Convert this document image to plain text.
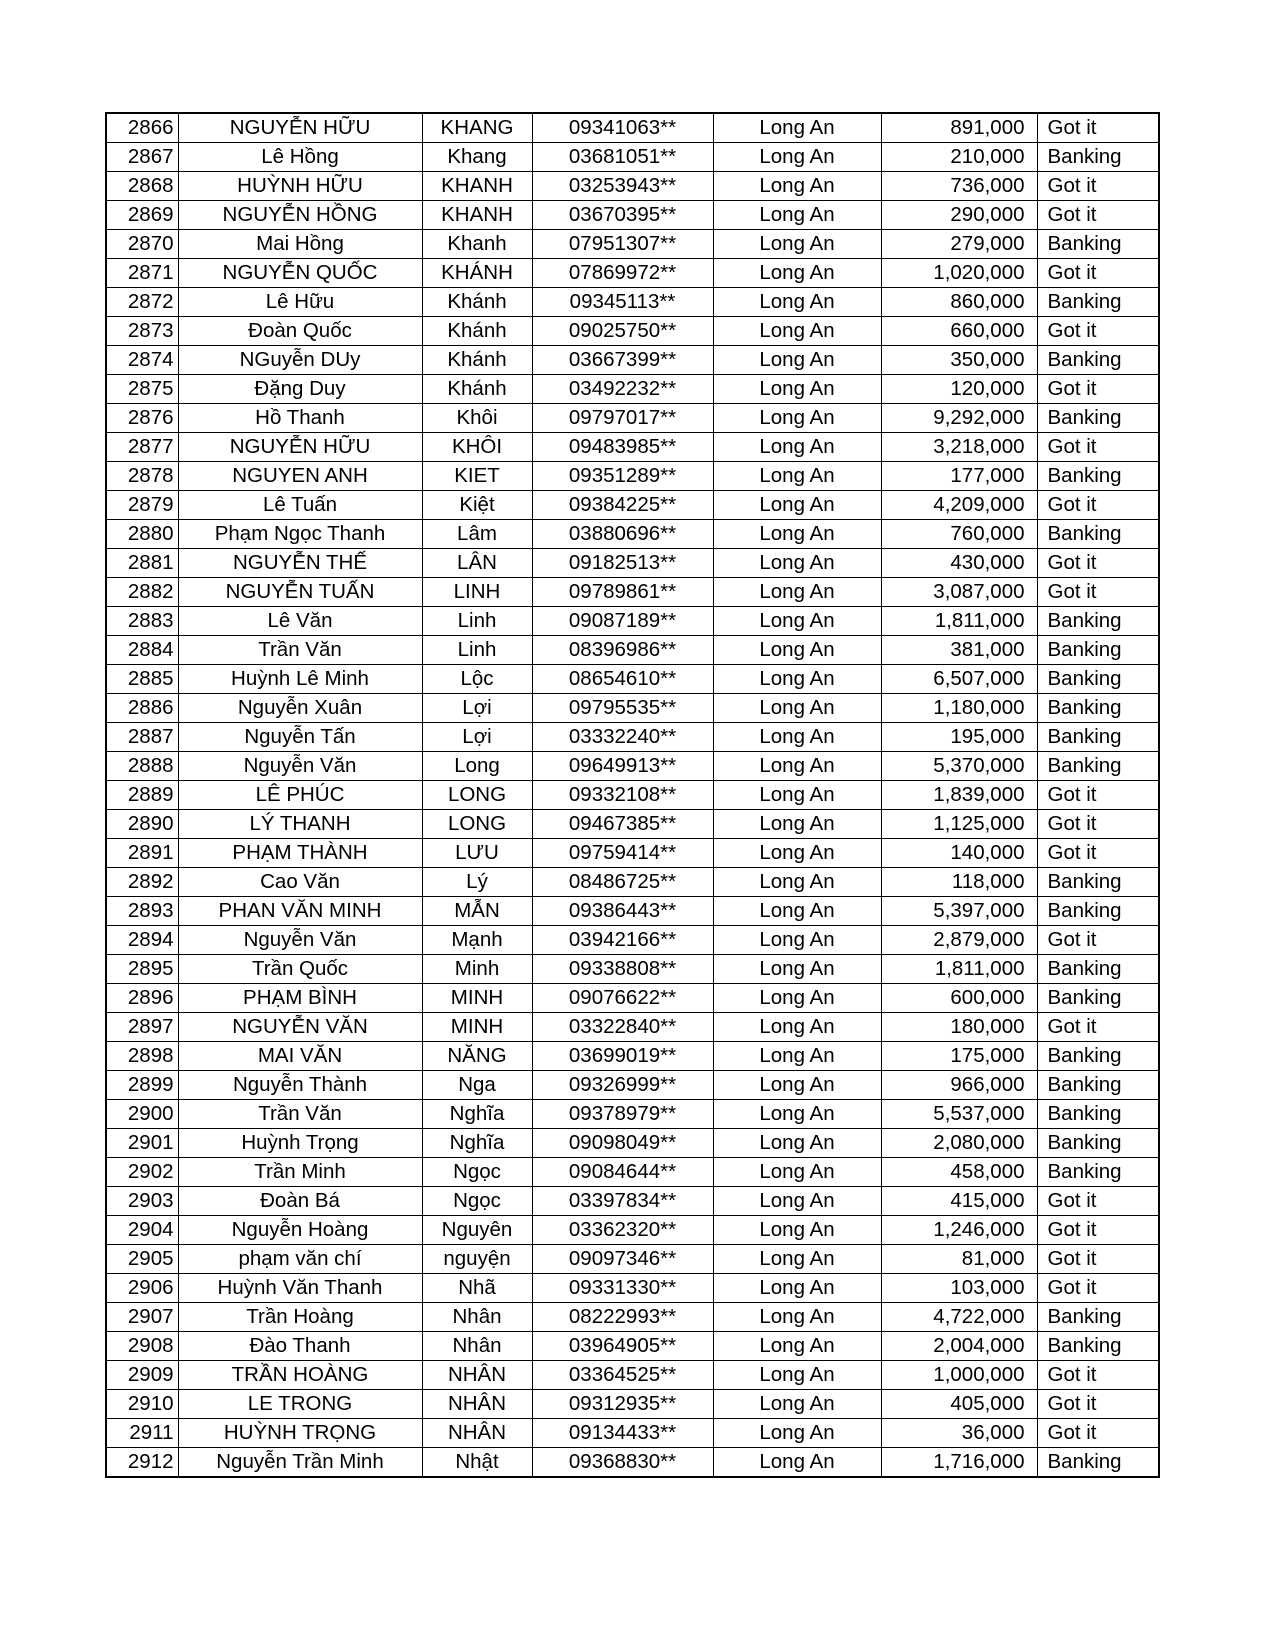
2866	NGUYỄN HỮU	KHANG	09341063**	Long An	891,000	Got it
2867	Lê Hồng	Khang	03681051**	Long An	210,000	Banking
2868	HUỲNH HỮU	KHANH	03253943**	Long An	736,000	Got it
2869	NGUYỄN HỒNG	KHANH	03670395**	Long An	290,000	Got it
2870	Mai Hồng	Khanh	07951307**	Long An	279,000	Banking
2871	NGUYỄN QUỐC	KHÁNH	07869972**	Long An	1,020,000	Got it
2872	Lê Hữu	Khánh	09345113**	Long An	860,000	Banking
2873	Đoàn Quốc	Khánh	09025750**	Long An	660,000	Got it
2874	NGuyễn DUy	Khánh	03667399**	Long An	350,000	Banking
2875	Đặng Duy	Khánh	03492232**	Long An	120,000	Got it
2876	Hồ Thanh	Khôi	09797017**	Long An	9,292,000	Banking
2877	NGUYỄN HỮU	KHÔI	09483985**	Long An	3,218,000	Got it
2878	NGUYEN ANH	KIET	09351289**	Long An	177,000	Banking
2879	Lê Tuấn	Kiệt	09384225**	Long An	4,209,000	Got it
2880	Phạm Ngọc Thanh	Lâm	03880696**	Long An	760,000	Banking
2881	NGUYỄN THẾ	LÂN	09182513**	Long An	430,000	Got it
2882	NGUYỄN TUẤN	LINH	09789861**	Long An	3,087,000	Got it
2883	Lê Văn	Linh	09087189**	Long An	1,811,000	Banking
2884	Trần Văn	Linh	08396986**	Long An	381,000	Banking
2885	Huỳnh Lê Minh	Lộc	08654610**	Long An	6,507,000	Banking
2886	Nguyễn Xuân	Lợi	09795535**	Long An	1,180,000	Banking
2887	Nguyễn Tấn	Lợi	03332240**	Long An	195,000	Banking
2888	Nguyễn Văn	Long	09649913**	Long An	5,370,000	Banking
2889	LÊ PHÚC	LONG	09332108**	Long An	1,839,000	Got it
2890	LÝ THANH	LONG	09467385**	Long An	1,125,000	Got it
2891	PHẠM THÀNH	LƯU	09759414**	Long An	140,000	Got it
2892	Cao Văn	Lý	08486725**	Long An	118,000	Banking
2893	PHAN VĂN MINH	MẪN	09386443**	Long An	5,397,000	Banking
2894	Nguyễn Văn	Mạnh	03942166**	Long An	2,879,000	Got it
2895	Trần Quốc	Minh	09338808**	Long An	1,811,000	Banking
2896	PHẠM BÌNH	MINH	09076622**	Long An	600,000	Banking
2897	NGUYỄN VĂN	MINH	03322840**	Long An	180,000	Got it
2898	MAI VĂN	NĂNG	03699019**	Long An	175,000	Banking
2899	Nguyễn Thành	Nga	09326999**	Long An	966,000	Banking
2900	Trần Văn	Nghĩa	09378979**	Long An	5,537,000	Banking
2901	Huỳnh Trọng	Nghĩa	09098049**	Long An	2,080,000	Banking
2902	Trần Minh	Ngọc	09084644**	Long An	458,000	Banking
2903	Đoàn Bá	Ngọc	03397834**	Long An	415,000	Got it
2904	Nguyễn Hoàng	Nguyên	03362320**	Long An	1,246,000	Got it
2905	phạm văn chí	nguyện	09097346**	Long An	81,000	Got it
2906	Huỳnh Văn Thanh	Nhã	09331330**	Long An	103,000	Got it
2907	Trần Hoàng	Nhân	08222993**	Long An	4,722,000	Banking
2908	Đào Thanh	Nhân	03964905**	Long An	2,004,000	Banking
2909	TRẦN HOÀNG	NHÂN	03364525**	Long An	1,000,000	Got it
2910	LE TRONG	NHÂN	09312935**	Long An	405,000	Got it
2911	HUỲNH TRỌNG	NHÂN	09134433**	Long An	36,000	Got it
2912	Nguyễn Trần Minh	Nhật	09368830**	Long An	1,716,000	Banking
